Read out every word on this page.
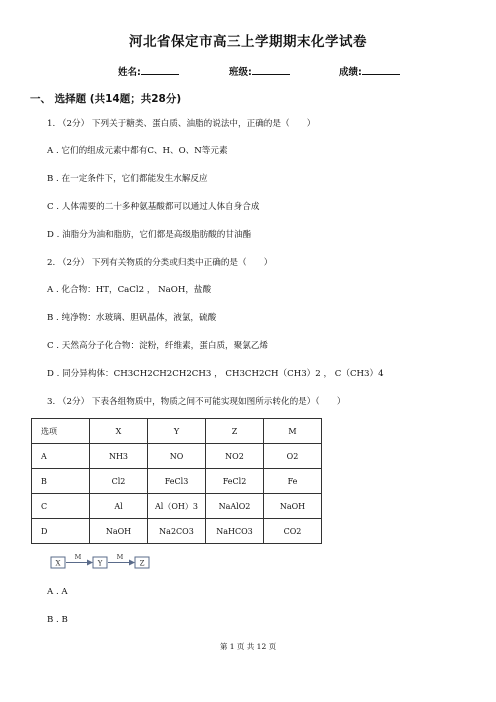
河北省保定市高三上学期期末化学试卷
姓名:	班级:	成绩:
一、 选择题 (共14题；共28分)
1. （2分） 下列关于糖类、蛋白质、油脂的说法中，正确的是（　　）
A . 它们的组成元素中都有C、H、O、N等元素
B . 在一定条件下，它们都能发生水解反应
C . 人体需要的二十多种氨基酸都可以通过人体自身合成
D . 油脂分为油和脂肪，它们都是高级脂肪酸的甘油酯
2. （2分） 下列有关物质的分类或归类中正确的是（　　）
A . 化合物：HT，CaCl2 ， NaOH，盐酸
B . 纯净物：水玻璃、胆矾晶体，液氯，硫酸
C . 天然高分子化合物：淀粉，纤维素，蛋白质，聚氯乙烯
D . 同分异构体：CH3CH2CH2CH2CH3 ， CH3CH2CH（CH3）2 ， C（CH3）4
3. （2分） 下表各组物质中，物质之间不可能实现如图所示转化的是）（　　）
选项	X	Y	Z	M
A	NH3	NO	NO2	O2
B	Cl2	FeCl3	FeCl2	Fe
C	Al	Al（OH）3	NaAlO2	NaOH
D	NaOH	Na2CO3	NaHCO3	CO2
X
M
Y
M
Z
A . A
B . B
第 1 页 共 12 页
